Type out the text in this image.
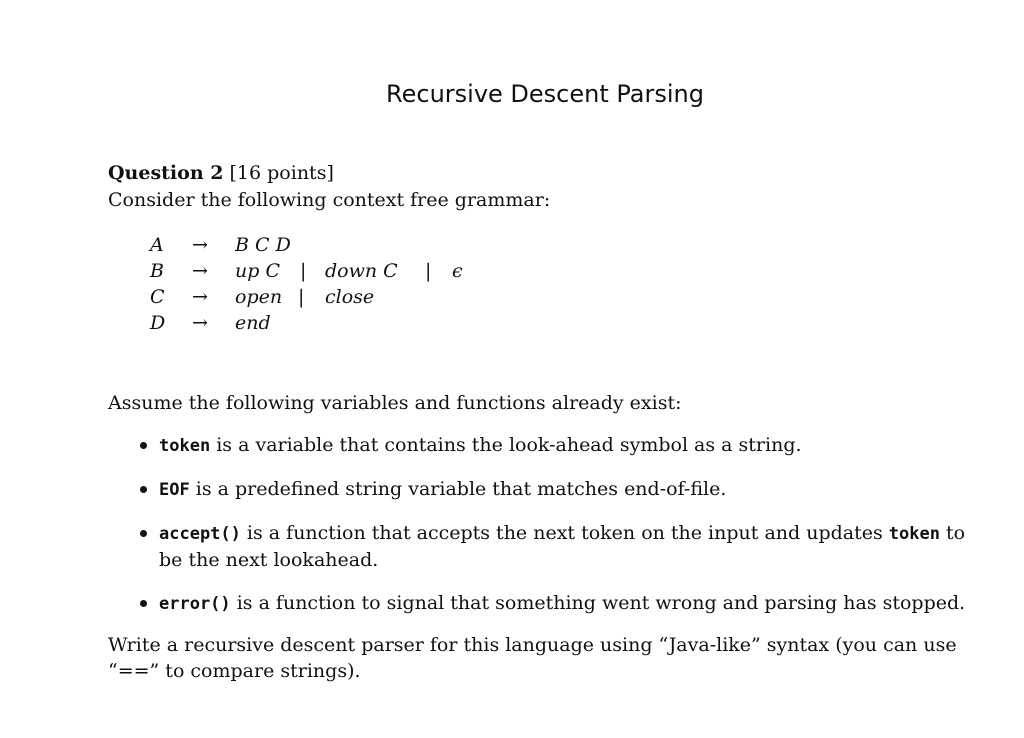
Recursive Descent Parsing
Question 2 [16 points]
Consider the following context free grammar:
A → B C D
B → up C | down C | ϵ
C → open | close
D → end
Assume the following variables and functions already exist:
token is a variable that contains the look-ahead symbol as a string.
EOF is a predefined string variable that matches end-of-file.
accept() is a function that accepts the next token on the input and updates token to be the next lookahead.
error() is a function to signal that something went wrong and parsing has stopped.
Write a recursive descent parser for this language using “Java-like” syntax (you can use “==” to compare strings).
